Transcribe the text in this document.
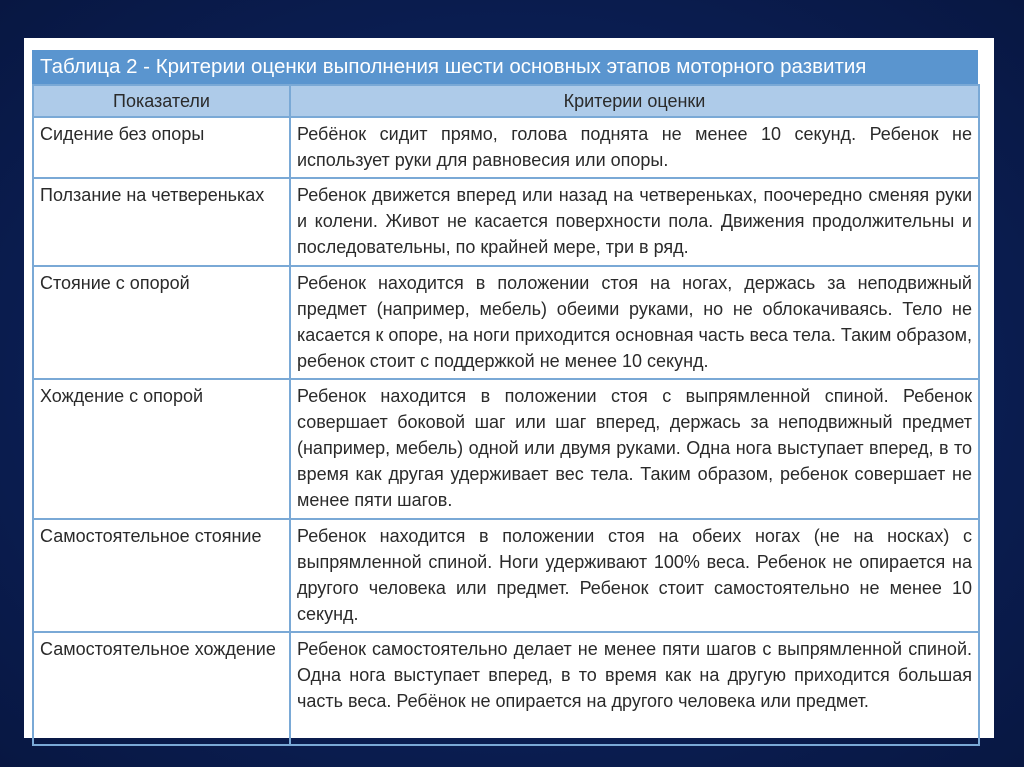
Таблица 2 - Критерии оценки выполнения шести основных этапов моторного развития
Показатели	Критерии оценки
Сидение без опоры	Ребёнок сидит прямо, голова поднята не менее 10 секунд. Ребенок не использует руки для равновесия или опоры.
Ползание на четвереньках	Ребенок движется вперед или назад на четвереньках, поочередно сменяя руки и колени. Живот не касается поверхности пола. Движения продолжительны и последовательны, по крайней мере, три в ряд.
Стояние с опорой	Ребенок находится в положении стоя на ногах, держась за неподвижный предмет (например, мебель) обеими руками, но не облокачиваясь. Тело не касается к опоре, на ноги приходится основная часть веса тела. Таким образом, ребенок стоит с поддержкой не менее 10 секунд.
Хождение с опорой	Ребенок находится в положении стоя с выпрямленной спиной. Ребенок совершает боковой шаг или шаг вперед, держась за неподвижный предмет (например, мебель) одной или двумя руками. Одна нога выступает вперед, в то время как другая удерживает вес тела. Таким образом, ребенок совершает не менее пяти шагов.
Самостоятельное стояние	Ребенок находится в положении стоя на обеих ногах (не на носках) с выпрямленной спиной. Ноги удерживают 100% веса. Ребенок не опирается на другого человека или предмет. Ребенок стоит самостоятельно не менее 10 секунд.
Самостоятельное хождение	Ребенок самостоятельно делает не менее пяти шагов с выпрямленной спиной. Одна нога выступает вперед, в то время как на другую приходится большая часть веса. Ребёнок не опирается на другого человека или предмет.
